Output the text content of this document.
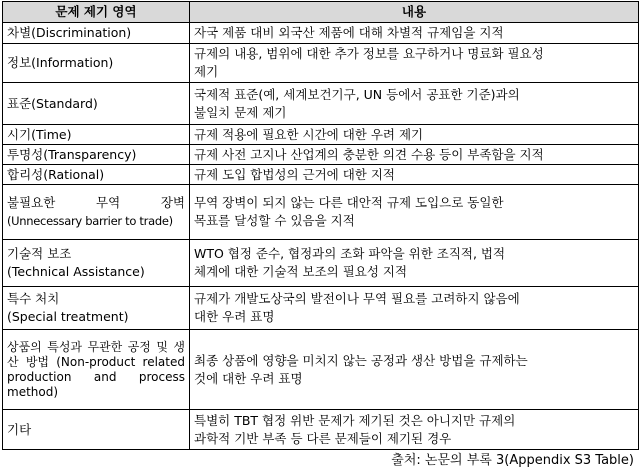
문제 제기 영역	내용

차별(Discrimination)	자국 제품 대비 외국산 제품에 대해 차별적 규제임을 지적

정보(Information)	규제의 내용, 범위에 대한 추가 정보를 요구하거나 명료화 필요성
제기

표준(Standard)	국제적 표준(예, 세계보건기구, UN 등에서 공표한 기준)과의
불일치 문제 제기

시기(Time)	규제 적용에 필요한 시간에 대한 우려 제기

투명성(Transparency)	규제 사전 고지나 산업계의 충분한 의견 수용 등이 부족함을 지적

합리성(Rational)	규제 도입 합법성의 근거에 대한 지적

불필요한 무역 장벽
(Unnecessary barrier to trade)	무역 장벽이 되지 않는 다른 대안적 규제 도입으로 동일한
목표를 달성할 수 있음을 지적

기술적 보조
(Technical Assistance)	WTO 협정 준수, 협정과의 조화 파악을 위한 조직적, 법적
체계에 대한 기술적 보조의 필요성 지적

특수 처치
(Special treatment)	규제가 개발도상국의 발전이나 무역 필요를 고려하지 않음에
대한 우려 표명

상품의 특성과 무관한 공정 및 생산 방법 (Non-product related production and process method)	최종 상품에 영향을 미치지 않는 공정과 생산 방법을 규제하는
것에 대한 우려 표명

기타	특별히 TBT 협정 위반 문제가 제기된 것은 아니지만 규제의
과학적 기반 부족 등 다른 문제들이 제기된 경우
출처: 논문의 부록 3(Appendix S3 Table)
